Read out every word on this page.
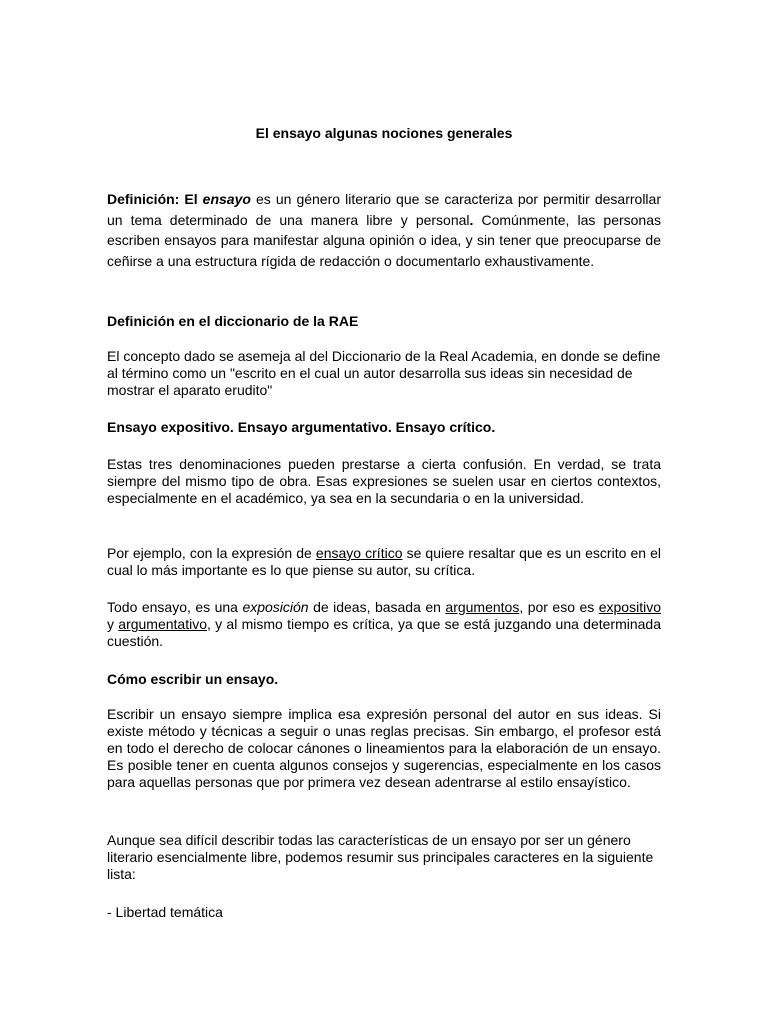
El ensayo algunas nociones generales

Definición: El ensayo es un género literario que se caracteriza por permitir desarrollar un tema determinado de una manera libre y personal. Comúnmente, las personas escriben ensayos para manifestar alguna opinión o idea, y sin tener que preocuparse de ceñirse a una estructura rígida de redacción o documentarlo exhaustivamente.

Definición en el diccionario de la RAE

El concepto dado se asemeja al del Diccionario de la Real Academia, en donde se define al término como un "escrito en el cual un autor desarrolla sus ideas sin necesidad de mostrar el aparato erudito"

Ensayo expositivo. Ensayo argumentativo. Ensayo crítico.

Estas tres denominaciones pueden prestarse a cierta confusión. En verdad, se trata siempre del mismo tipo de obra. Esas expresiones se suelen usar en ciertos contextos, especialmente en el académico, ya sea en la secundaria o en la universidad.

Por ejemplo, con la expresión de ensayo crítico se quiere resaltar que es un escrito en el cual lo más importante es lo que piense su autor, su crítica.

Todo ensayo, es una exposición de ideas, basada en argumentos, por eso es expositivo y argumentativo, y al mismo tiempo es crítica, ya que se está juzgando una determinada cuestión.

Cómo escribir un ensayo.

Escribir un ensayo siempre implica esa expresión personal del autor en sus ideas. Si existe método y técnicas a seguir o unas reglas precisas. Sin embargo, el profesor está en todo el derecho de colocar cánones o lineamientos para la elaboración de un ensayo. Es posible tener en cuenta algunos consejos y sugerencias, especialmente en los casos para aquellas personas que por primera vez desean adentrarse al estilo ensayístico.

Aunque sea difícil describir todas las características de un ensayo por ser un género literario esencialmente libre, podemos resumir sus principales caracteres en la siguiente lista:

- Libertad temática
